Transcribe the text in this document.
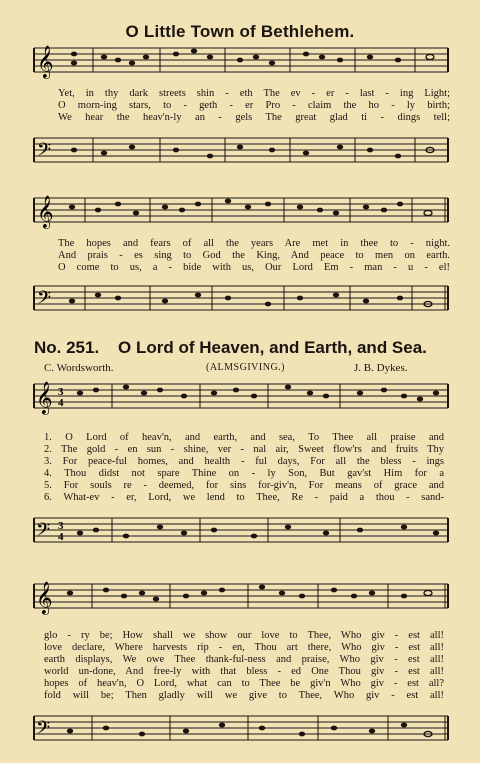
O Little Town of Bethlehem.
𝄞
Yet, in thy dark streets shin - eth The ev - er - last - ing Light;
O morn-ing stars, to - geth - er Pro - claim the ho - ly birth;
We hear the heav'n-ly an - gels The great glad ti - dings tell;
𝄢
𝄞
The hopes and fears of all the years Are met in thee to - night.
And prais - es sing to God the King, And peace to men on earth.
O come to us, a - bide with us, Our Lord Em - man - u - el!
𝄢
No. 251. O Lord of Heaven, and Earth, and Sea.
C. Wordsworth.	(ALMSGIVING.)	J. B. Dykes.
𝄞 3
4
1. O Lord of heav'n, and earth, and sea, To Thee all praise and
2. The gold - en sun - shine, ver - nal air, Sweet flow'rs and fruits Thy
3. For peace-ful homes, and health - ful days, For all the bless - ings
4. Thou didst not spare Thine on - ly Son, But gav'st Him for a
5. For souls re - deemed, for sins for-giv'n, For means of grace and
6. What-ev - er, Lord, we lend to Thee, Re - paid a thou - sand-
𝄢 3
4
𝄞
glo - ry be; How shall we show our love to Thee, Who giv - est all!
love declare, Where harvests rip - en, Thou art there, Who giv - est all!
earth displays, We owe Thee thank-ful-ness and praise, Who giv - est all!
world un-done, And free-ly with that bless - ed One Thou giv - est all!
hopes of heav'n, O Lord, what can to Thee be giv'n Who giv - est all?
fold will be; Then gladly will we give to Thee, Who giv - est all!
𝄢
